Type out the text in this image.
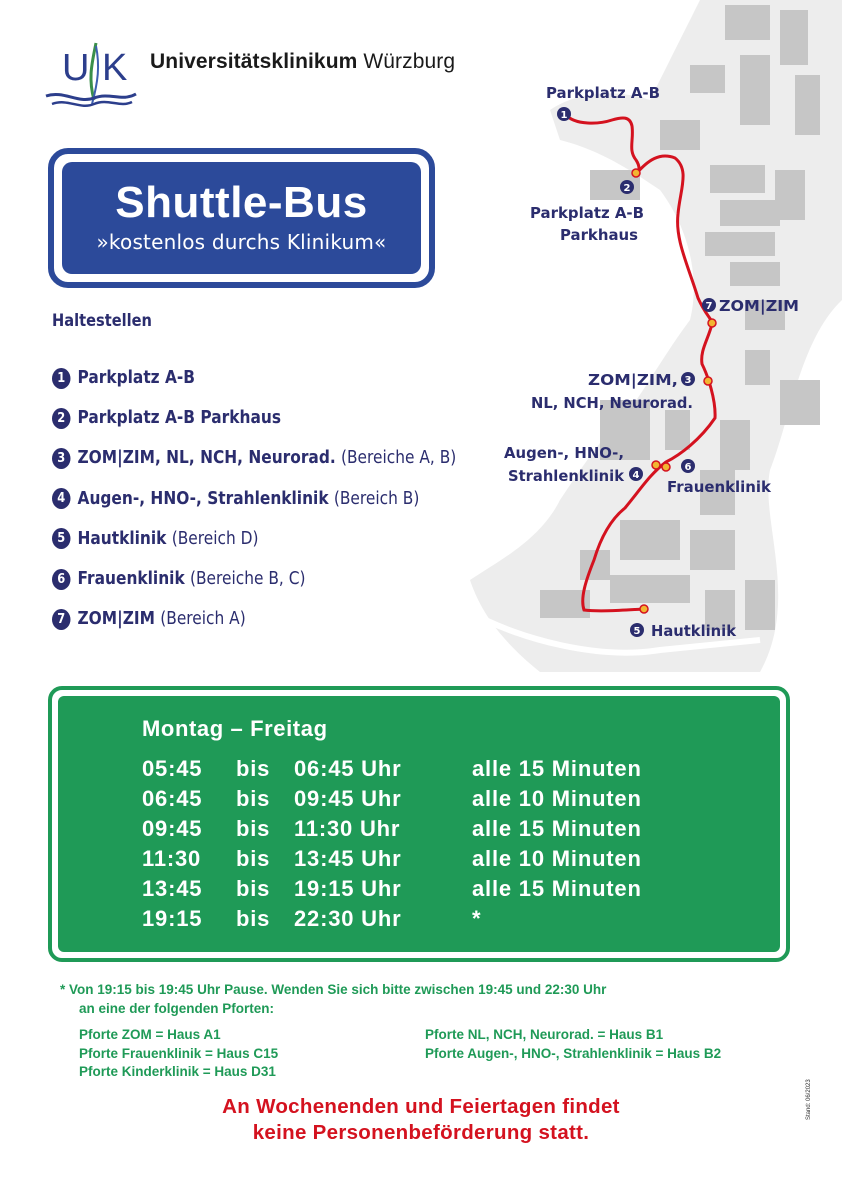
U K Universitätsklinikum Würzburg
Shuttle-Bus
»kostenlos durchs Klinikum«
Haltestellen
1 Parkplatz A-B
2 Parkplatz A-B Parkhaus
3 ZOM|ZIM, NL, NCH, Neurorad. (Bereiche A, B)
4 Augen-, HNO-, Strahlenklinik (Bereich B)
5 Hautklinik (Bereich D)
6 Frauenklinik (Bereiche B, C)
7 ZOM|ZIM (Bereich A)
1
2
7
3
4
6
5
Parkplatz A-B
Parkplatz A-B
Parkhaus
ZOM|ZIM
ZOM|ZIM,
NL, NCH, Neurorad.
Augen-, HNO-,
Strahlenklinik
Frauenklinik
Hautklinik
Montag – Freitag
05:45 bis 06:45 Uhr	alle 15 Minuten
06:45 bis 09:45 Uhr	alle 10 Minuten
09:45 bis 11:30 Uhr	alle 15 Minuten
11:30 bis 13:45 Uhr	alle 10 Minuten
13:45 bis 19:15 Uhr	alle 15 Minuten
19:15 bis 22:30 Uhr	*
* Von 19:15 bis 19:45 Uhr Pause. Wenden Sie sich bitte zwischen 19:45 und 22:30 Uhr
an eine der folgenden Pforten:
Pforte ZOM = Haus A1
Pforte Frauenklinik = Haus C15
Pforte Kinderklinik = Haus D31
Pforte NL, NCH, Neurorad. = Haus B1
Pforte Augen-, HNO-, Strahlenklinik = Haus B2
An Wochenenden und Feiertagen findet
keine Personenbeförderung statt.
Stand: 06/2023
